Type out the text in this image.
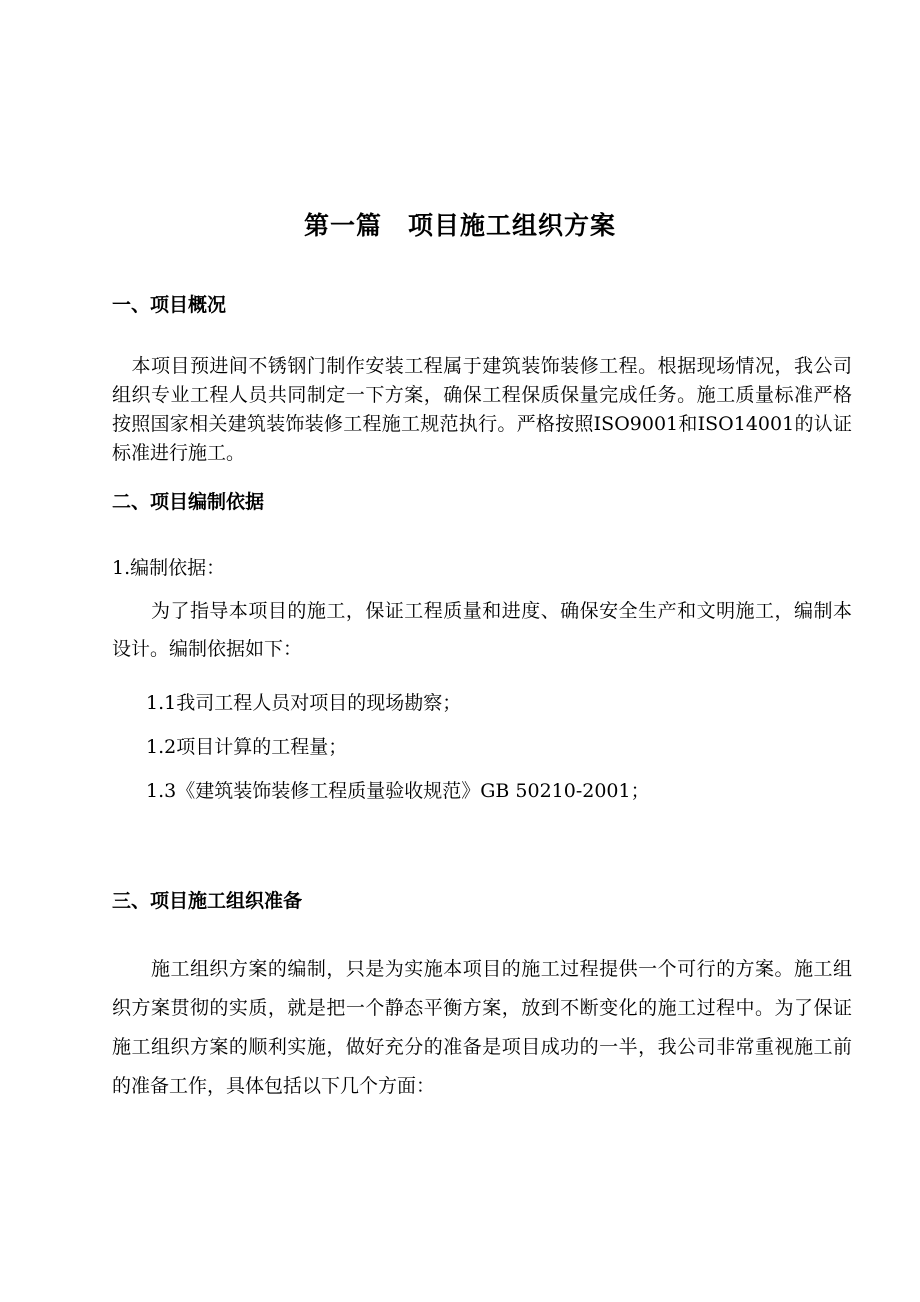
第一篇　项目施工组织方案
一、项目概况
　本项目预进间不锈钢门制作安装工程属于建筑装饰装修工程。根据现场情况，我公司组织专业工程人员共同制定一下方案，确保工程保质保量完成任务。施工质量标准严格按照国家相关建筑装饰装修工程施工规范执行。严格按照ISO9001和ISO14001的认证标准进行施工。
二、项目编制依据
1.编制依据：
　　为了指导本项目的施工，保证工程质量和进度、确保安全生产和文明施工，编制本设计。编制依据如下：
1.1我司工程人员对项目的现场勘察；
1.2项目计算的工程量；
1.3《建筑装饰装修工程质量验收规范》GB 50210-2001；
三、项目施工组织准备
　　施工组织方案的编制，只是为实施本项目的施工过程提供一个可行的方案。施工组织方案贯彻的实质，就是把一个静态平衡方案，放到不断变化的施工过程中。为了保证施工组织方案的顺利实施，做好充分的准备是项目成功的一半，我公司非常重视施工前的准备工作，具体包括以下几个方面：
